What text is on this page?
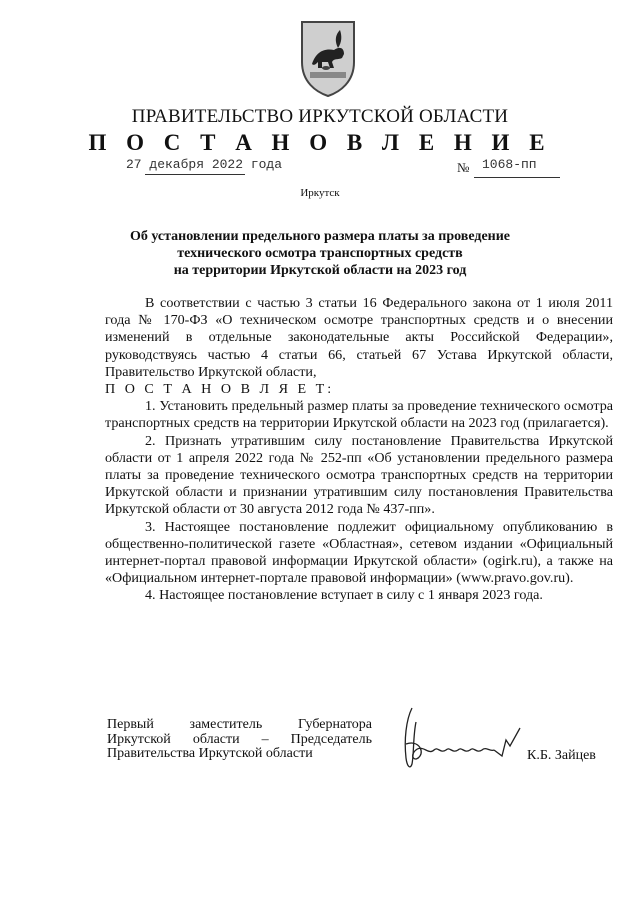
ПРАВИТЕЛЬСТВО ИРКУТСКОЙ ОБЛАСТИ
П О С Т А Н О В Л Е Н И Е
27 декабря 2022 года	№ 1068-пп
Иркутск
Об установлении предельного размера платы за проведение
технического осмотра транспортных средств
на территории Иркутской области на 2023 год

В соответствии с частью 3 статьи 16 Федерального закона от 1 июля 2011 года № 170-ФЗ «О техническом осмотре транспортных средств и о внесении изменений в отдельные законодательные акты Российской Федерации», руководствуясь частью 4 статьи 66, статьей 67 Устава Иркутской области, Правительство Иркутской области,

П О С Т А Н О В Л Я Е Т:

1. Установить предельный размер платы за проведение технического осмотра транспортных средств на территории Иркутской области на 2023 год (прилагается).

2. Признать утратившим силу постановление Правительства Иркутской области от 1 апреля 2022 года № 252-пп «Об установлении предельного размера платы за проведение технического осмотра транспортных средств на территории Иркутской области и признании утратившим силу постановления Правительства Иркутской области от 30 августа 2012 года № 437-пп».

3. Настоящее постановление подлежит официальному опубликованию в общественно-политической газете «Областная», сетевом издании «Официальный интернет-портал правовой информации Иркутской области» (ogirk.ru), а также на «Официальном интернет-портале правовой информации» (www.pravo.gov.ru).

4. Настоящее постановление вступает в силу с 1 января 2023 года.

Первый	заместитель	Губернатора
Иркутской области – Председатель
Правительства Иркутской области	К.Б. Зайцев
